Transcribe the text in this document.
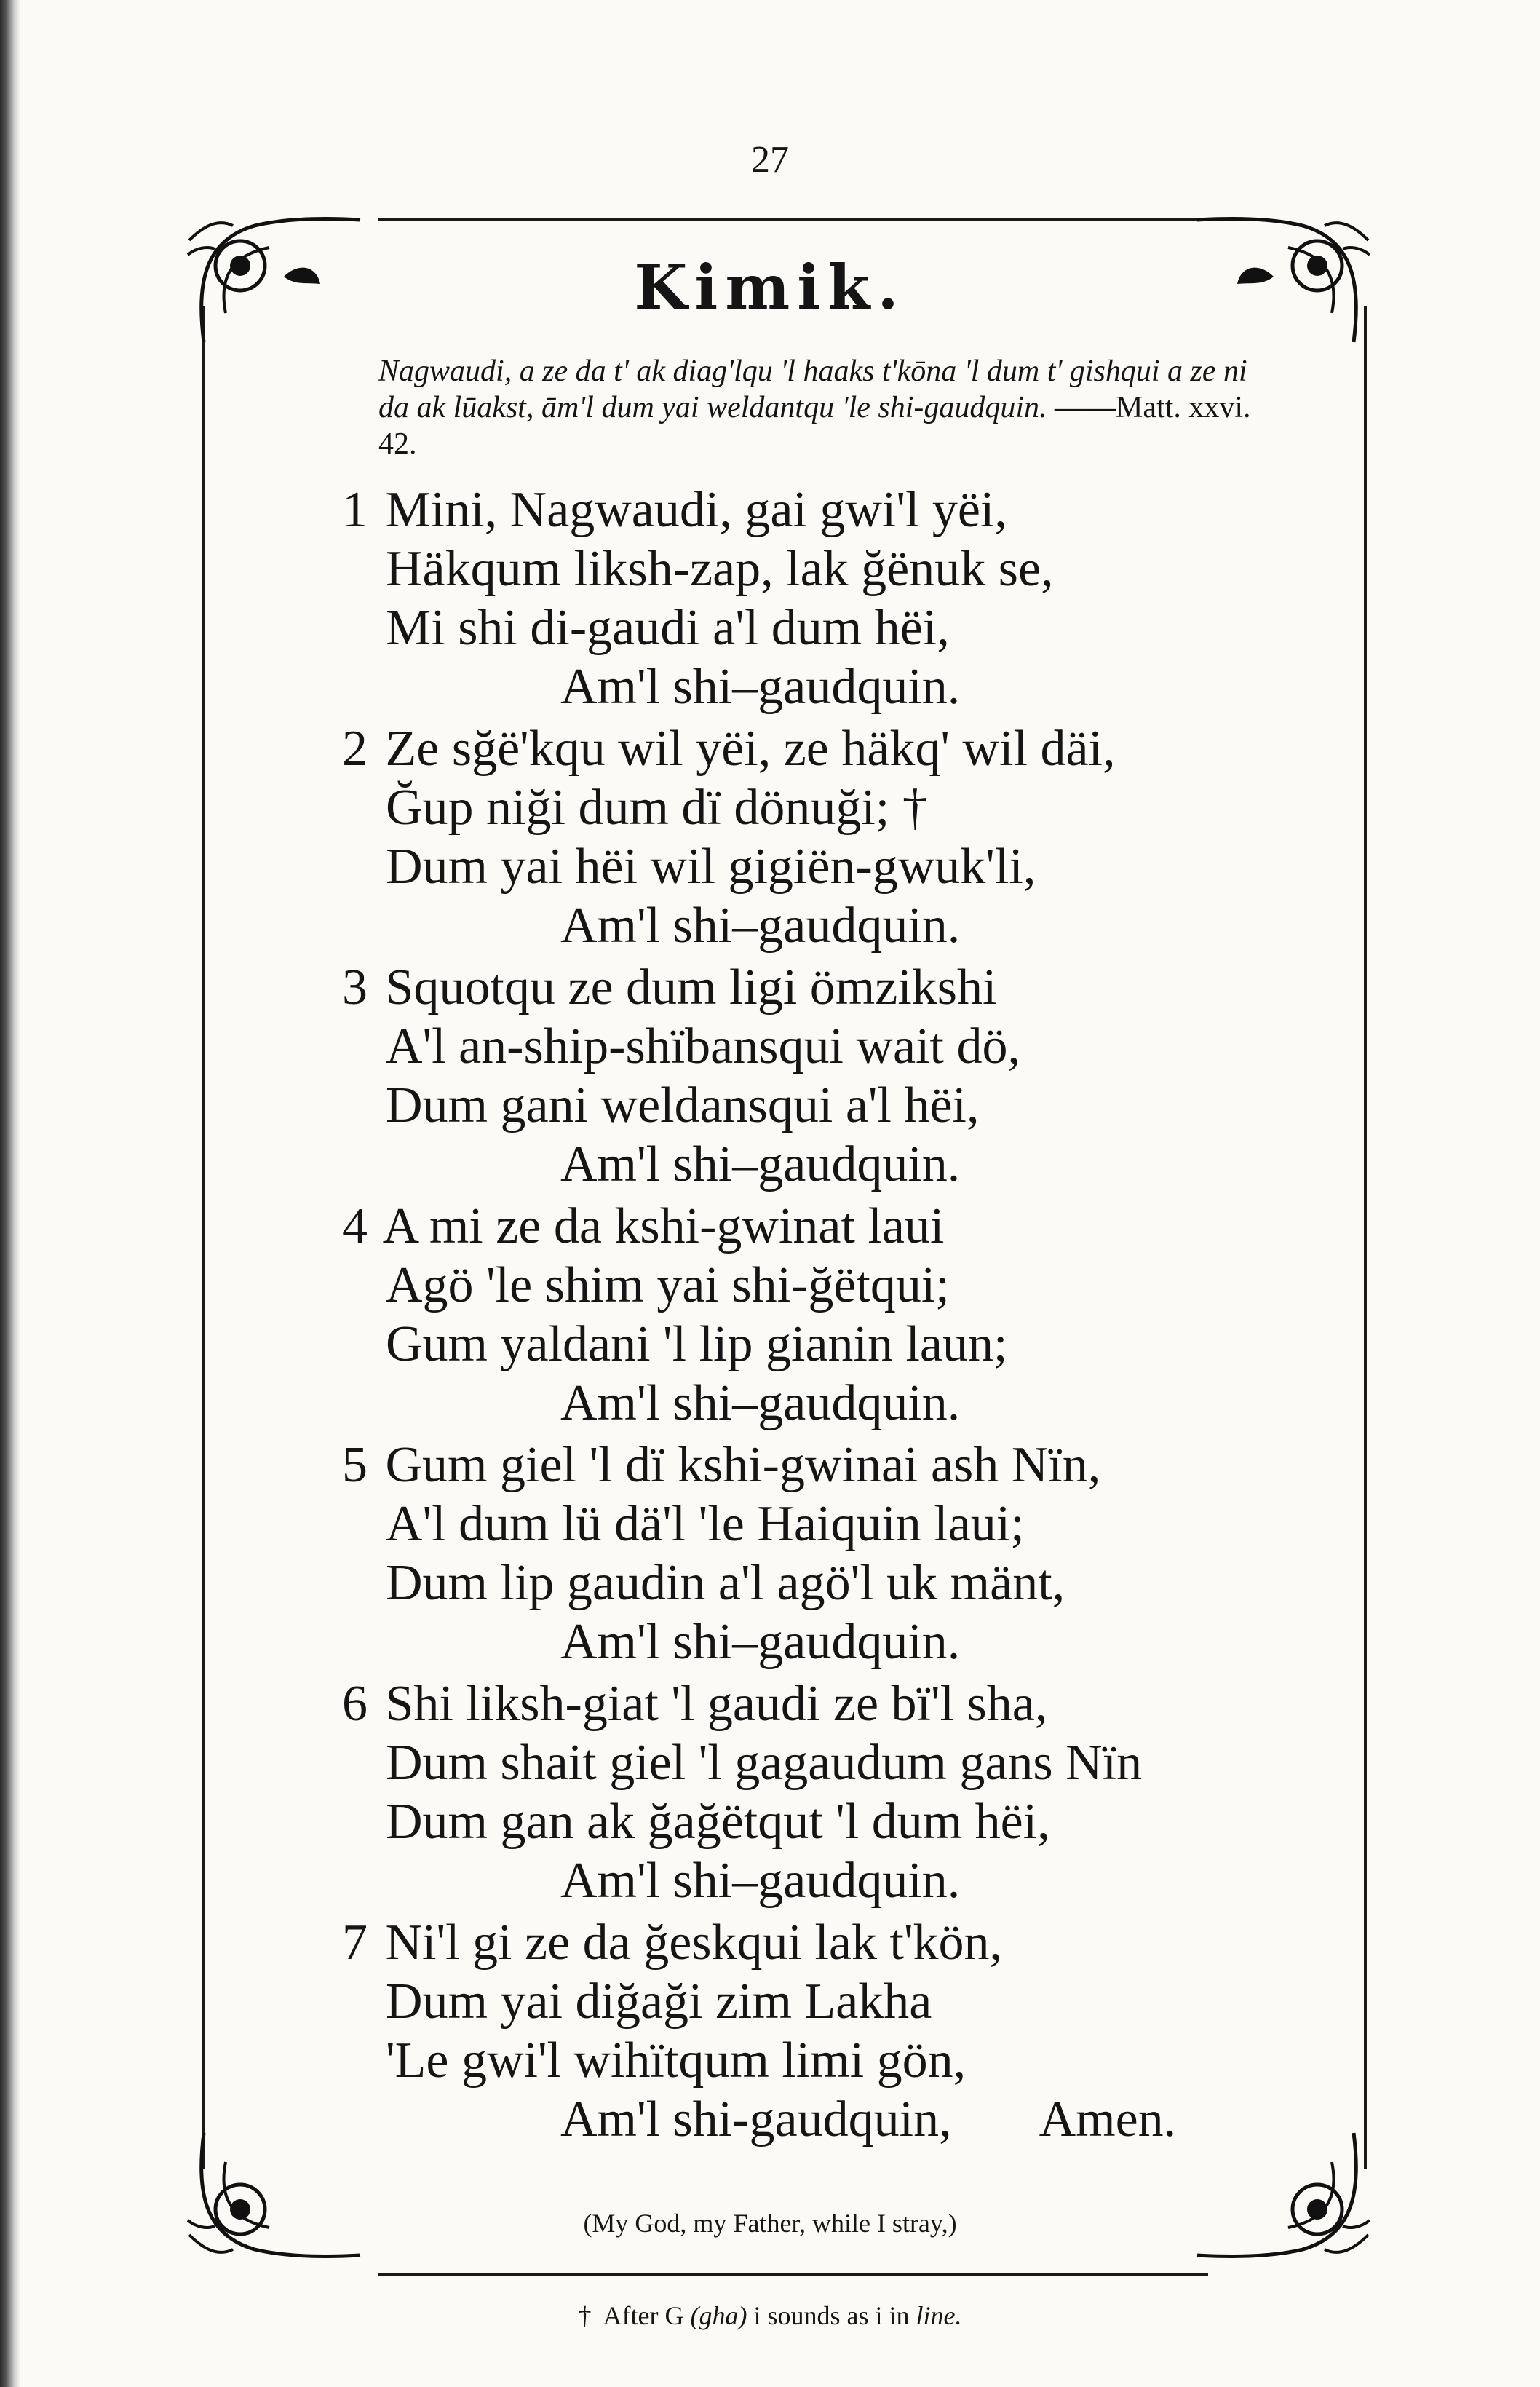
27
Kimik.
Nagwaudi, a ze da t' ak diag'lqu 'l haaks t'kōna 'l dum t' gishqui a ze ni da ak lūakst, ām'l dum yai weldantqu 'le shi-gaudquin. ——Matt. xxvi. 42.
1 Mini, Nagwaudi, gai gwi'l yëi,
Häkqum liksh-zap, lak ğënuk se,
Mi shi di-gaudi a'l dum hëi,
Am'l shi–gaudquin.
2 Ze sğë'kqu wil yëi, ze häkq' wil däi,
Ğup niği dum dï dönuği; †
Dum yai hëi wil gigiën-gwuk'li,
Am'l shi–gaudquin.
3 Squotqu ze dum ligi ömzikshi
A'l an-ship-shïbansqui wait dö,
Dum gani weldansqui a'l hëi,
Am'l shi–gaudquin.
4 A mi ze da kshi-gwinat laui
Agö 'le shim yai shi-ğëtqui;
Gum yaldani 'l lip gianin laun;
Am'l shi–gaudquin.
5 Gum giel 'l dï kshi-gwinai ash Nïn,
A'l dum lü dä'l 'le Haiquin laui;
Dum lip gaudin a'l agö'l uk mänt,
Am'l shi–gaudquin.
6 Shi liksh-giat 'l gaudi ze bï'l sha,
Dum shait giel 'l gagaudum gans Nïn
Dum gan ak ğağëtqut 'l dum hëi,
Am'l shi–gaudquin.
7 Ni'l gi ze da ğeskqui lak t'kön,
Dum yai diğaği zim Lakha
'Le gwi'l wihïtqum limi gön,
Am'l shi-gaudquin, Amen.
(My God, my Father, while I stray,)
† After G (gha) i sounds as i in line.
